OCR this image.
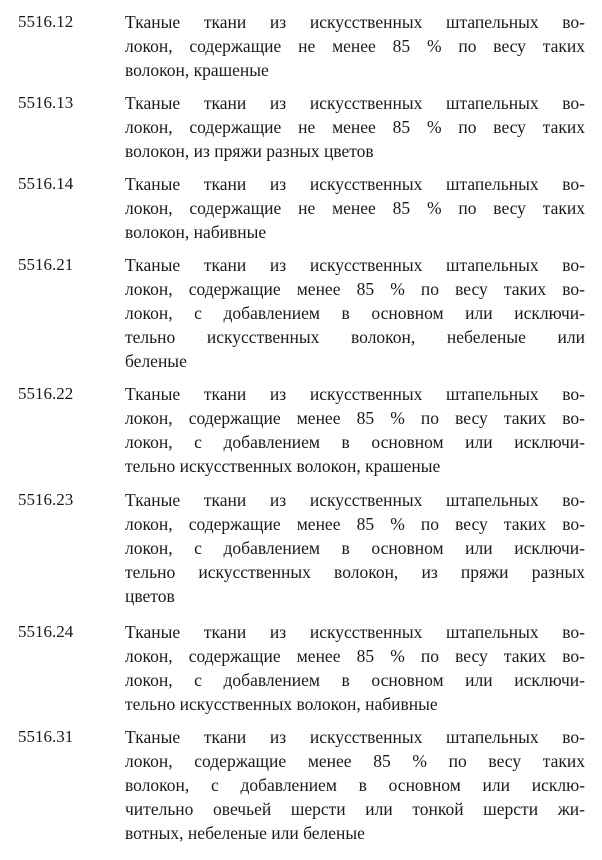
5516.12	Тканые ткани из искусственных штапельных во-
локон, содержащие не менее 85 % по весу таких
волокон, крашеные
5516.13	Тканые ткани из искусственных штапельных во-
локон, содержащие не менее 85 % по весу таких
волокон, из пряжи разных цветов
5516.14	Тканые ткани из искусственных штапельных во-
локон, содержащие не менее 85 % по весу таких
волокон, набивные
5516.21	Тканые ткани из искусственных штапельных во-
локон, содержащие менее 85 % по весу таких во-
локон, с добавлением в основном или исключи-
тельно искусственных волокон, небеленые или
беленые
5516.22	Тканые ткани из искусственных штапельных во-
локон, содержащие менее 85 % по весу таких во-
локон, с добавлением в основном или исключи-
тельно искусственных волокон, крашеные
5516.23	Тканые ткани из искусственных штапельных во-
локон, содержащие менее 85 % по весу таких во-
локон, с добавлением в основном или исключи-
тельно искусственных волокон, из пряжи разных
цветов
5516.24	Тканые ткани из искусственных штапельных во-
локон, содержащие менее 85 % по весу таких во-
локон, с добавлением в основном или исключи-
тельно искусственных волокон, набивные
5516.31	Тканые ткани из искусственных штапельных во-
локон, содержащие менее 85 % по весу таких
волокон, с добавлением в основном или исклю-
чительно овечьей шерсти или тонкой шерсти жи-
вотных, небеленые или беленые
